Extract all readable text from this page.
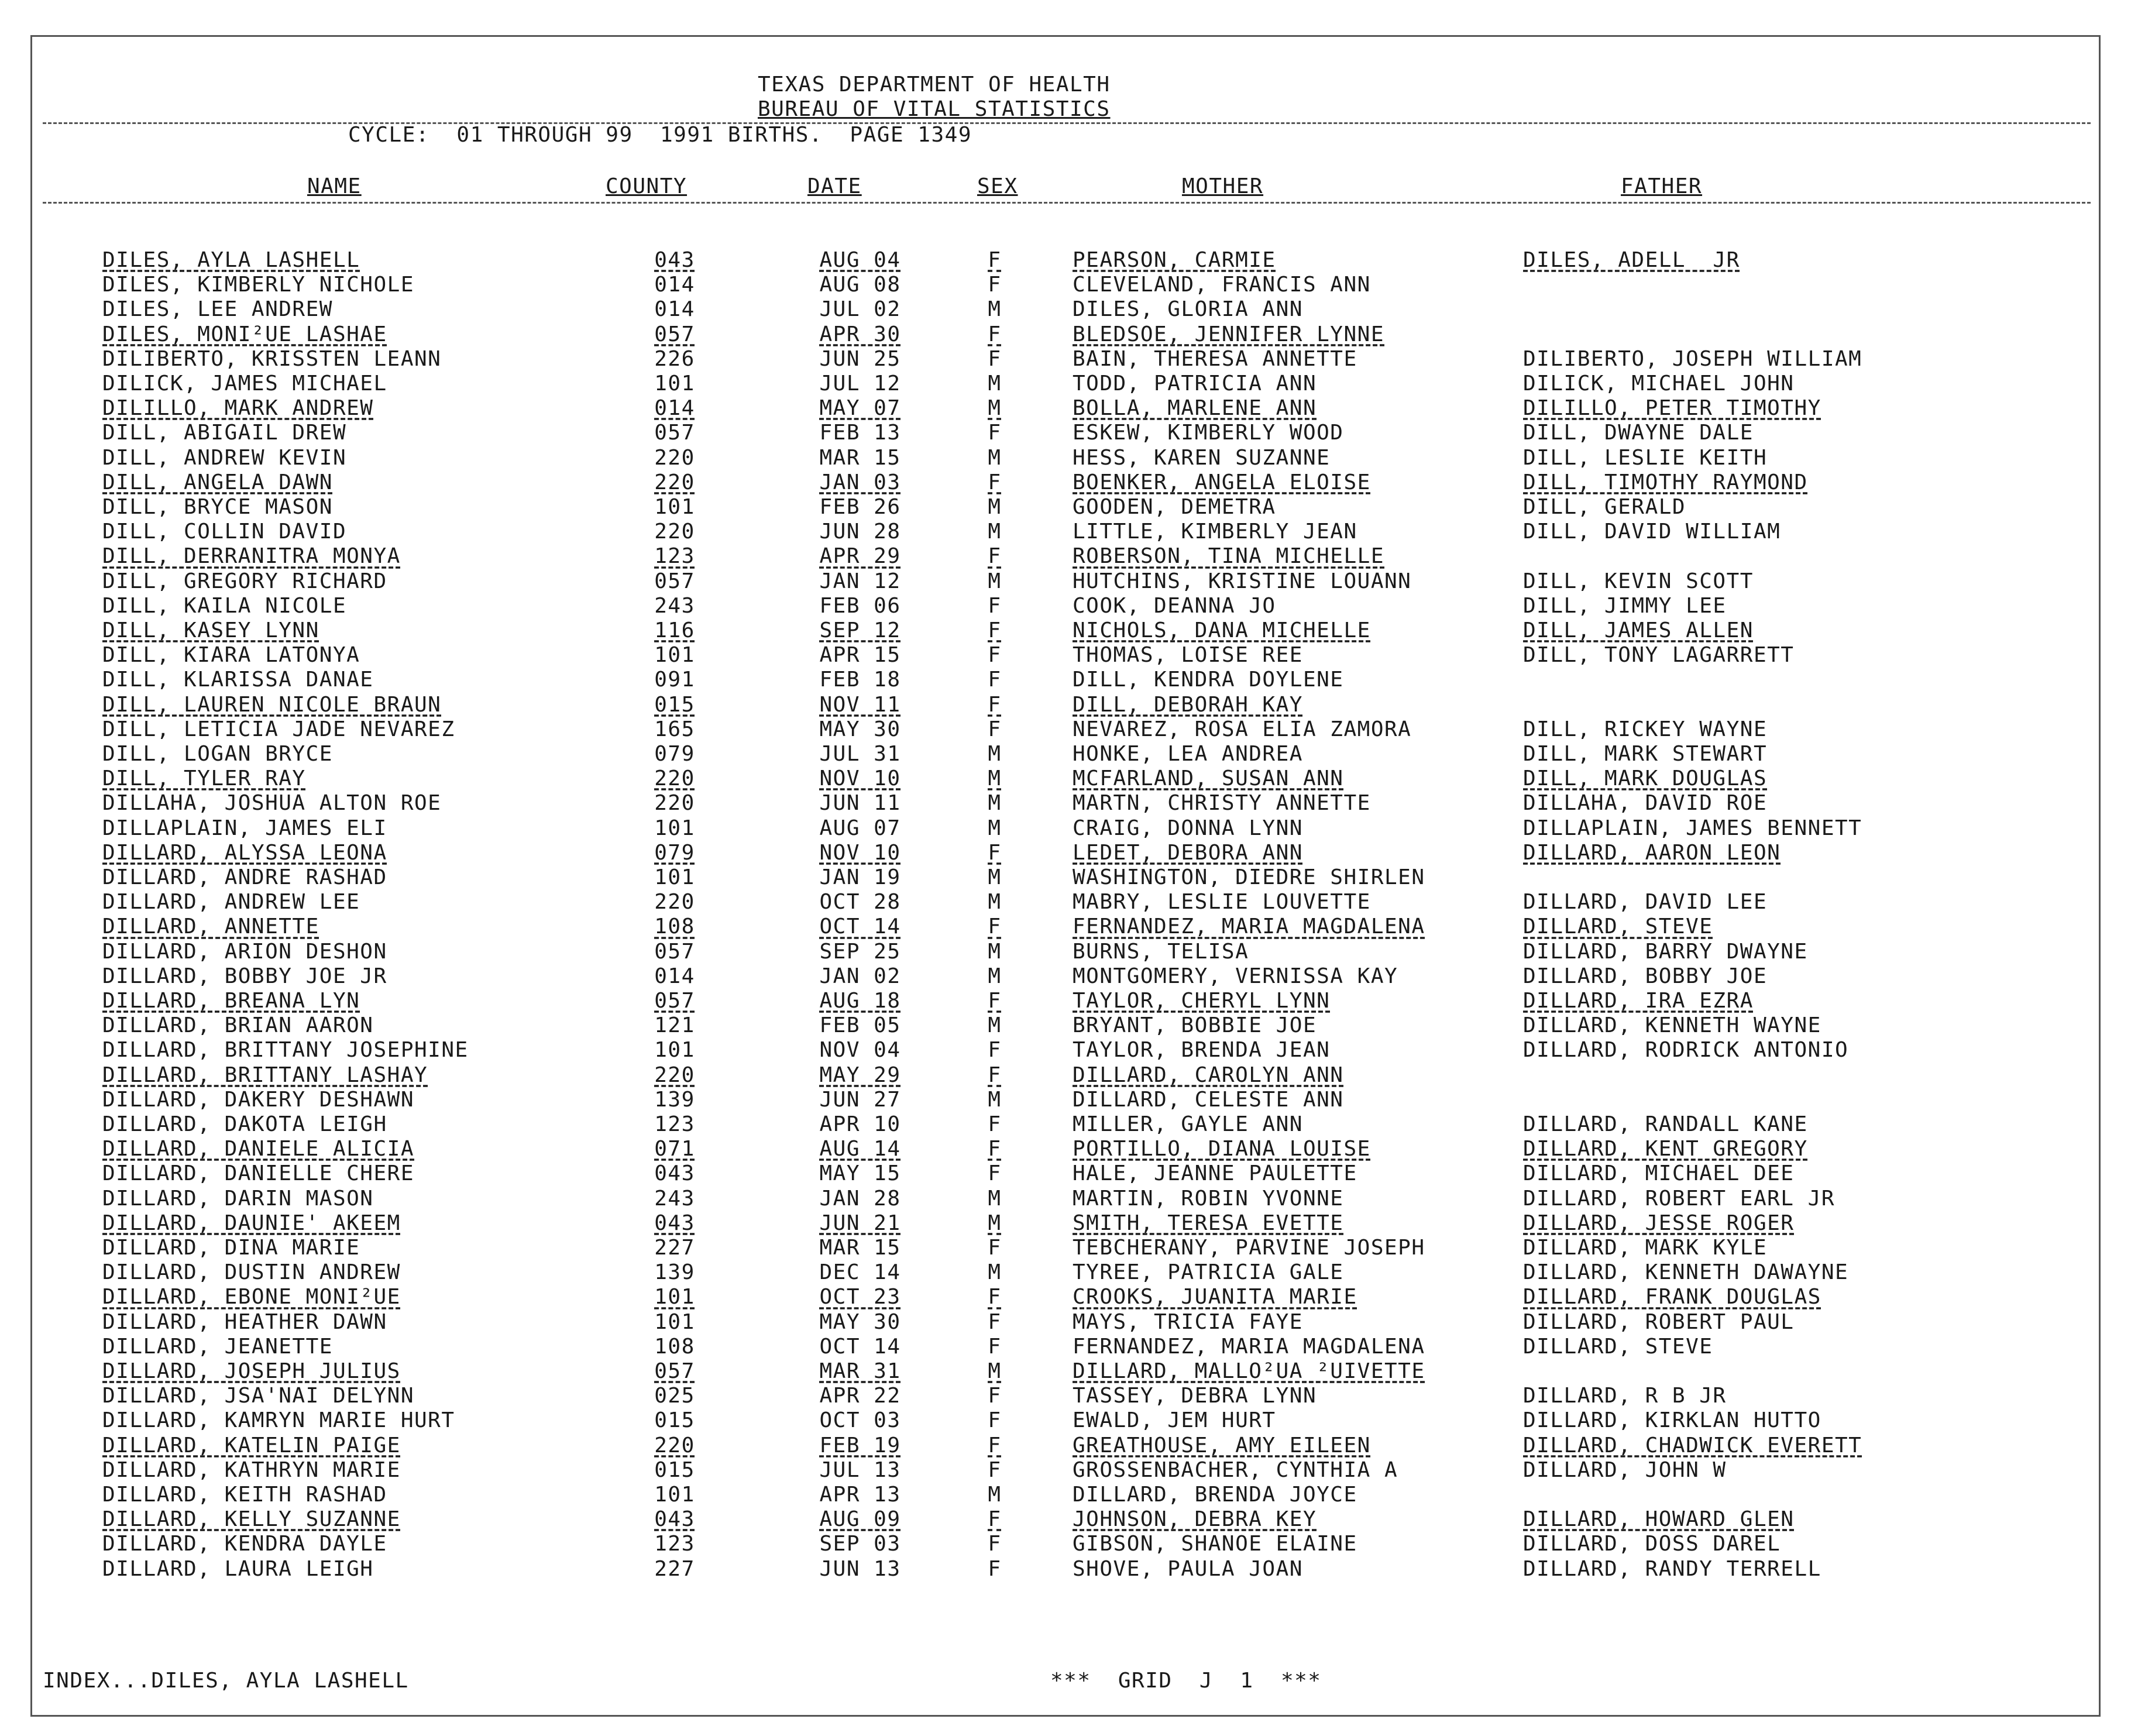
TEXAS DEPARTMENT OF HEALTH
BUREAU OF VITAL STATISTICS
CYCLE:  01 THROUGH 99  1991 BIRTHS.  PAGE 1349
NAME	COUNTY	DATE	SEX	MOTHER	FATHER
DILES, AYLA LASHELL	043	AUG 04	F	PEARSON, CARMIE	DILES, ADELL  JR
DILES, KIMBERLY NICHOLE	014	AUG 08	F	CLEVELAND, FRANCIS ANN
DILES, LEE ANDREW	014	JUL 02	M	DILES, GLORIA ANN
DILES, MONI²UE LASHAE	057	APR 30	F	BLEDSOE, JENNIFER LYNNE
DILIBERTO, KRISSTEN LEANN	226	JUN 25	F	BAIN, THERESA ANNETTE	DILIBERTO, JOSEPH WILLIAM
DILICK, JAMES MICHAEL	101	JUL 12	M	TODD, PATRICIA ANN	DILICK, MICHAEL JOHN
DILILLO, MARK ANDREW	014	MAY 07	M	BOLLA, MARLENE ANN	DILILLO, PETER TIMOTHY
DILL, ABIGAIL DREW	057	FEB 13	F	ESKEW, KIMBERLY WOOD	DILL, DWAYNE DALE
DILL, ANDREW KEVIN	220	MAR 15	M	HESS, KAREN SUZANNE	DILL, LESLIE KEITH
DILL, ANGELA DAWN	220	JAN 03	F	BOENKER, ANGELA ELOISE	DILL, TIMOTHY RAYMOND
DILL, BRYCE MASON	101	FEB 26	M	GOODEN, DEMETRA	DILL, GERALD
DILL, COLLIN DAVID	220	JUN 28	M	LITTLE, KIMBERLY JEAN	DILL, DAVID WILLIAM
DILL, DERRANITRA MONYA	123	APR 29	F	ROBERSON, TINA MICHELLE
DILL, GREGORY RICHARD	057	JAN 12	M	HUTCHINS, KRISTINE LOUANN	DILL, KEVIN SCOTT
DILL, KAILA NICOLE	243	FEB 06	F	COOK, DEANNA JO	DILL, JIMMY LEE
DILL, KASEY LYNN	116	SEP 12	F	NICHOLS, DANA MICHELLE	DILL, JAMES ALLEN
DILL, KIARA LATONYA	101	APR 15	F	THOMAS, LOISE REE	DILL, TONY LAGARRETT
DILL, KLARISSA DANAE	091	FEB 18	F	DILL, KENDRA DOYLENE
DILL, LAUREN NICOLE BRAUN	015	NOV 11	F	DILL, DEBORAH KAY
DILL, LETICIA JADE NEVAREZ	165	MAY 30	F	NEVAREZ, ROSA ELIA ZAMORA	DILL, RICKEY WAYNE
DILL, LOGAN BRYCE	079	JUL 31	M	HONKE, LEA ANDREA	DILL, MARK STEWART
DILL, TYLER RAY	220	NOV 10	M	MCFARLAND, SUSAN ANN	DILL, MARK DOUGLAS
DILLAHA, JOSHUA ALTON ROE	220	JUN 11	M	MARTN, CHRISTY ANNETTE	DILLAHA, DAVID ROE
DILLAPLAIN, JAMES ELI	101	AUG 07	M	CRAIG, DONNA LYNN	DILLAPLAIN, JAMES BENNETT
DILLARD, ALYSSA LEONA	079	NOV 10	F	LEDET, DEBORA ANN	DILLARD, AARON LEON
DILLARD, ANDRE RASHAD	101	JAN 19	M	WASHINGTON, DIEDRE SHIRLEN
DILLARD, ANDREW LEE	220	OCT 28	M	MABRY, LESLIE LOUVETTE	DILLARD, DAVID LEE
DILLARD, ANNETTE	108	OCT 14	F	FERNANDEZ, MARIA MAGDALENA	DILLARD, STEVE
DILLARD, ARION DESHON	057	SEP 25	M	BURNS, TELISA	DILLARD, BARRY DWAYNE
DILLARD, BOBBY JOE JR	014	JAN 02	M	MONTGOMERY, VERNISSA KAY	DILLARD, BOBBY JOE
DILLARD, BREANA LYN	057	AUG 18	F	TAYLOR, CHERYL LYNN	DILLARD, IRA EZRA
DILLARD, BRIAN AARON	121	FEB 05	M	BRYANT, BOBBIE JOE	DILLARD, KENNETH WAYNE
DILLARD, BRITTANY JOSEPHINE	101	NOV 04	F	TAYLOR, BRENDA JEAN	DILLARD, RODRICK ANTONIO
DILLARD, BRITTANY LASHAY	220	MAY 29	F	DILLARD, CAROLYN ANN
DILLARD, DAKERY DESHAWN	139	JUN 27	M	DILLARD, CELESTE ANN
DILLARD, DAKOTA LEIGH	123	APR 10	F	MILLER, GAYLE ANN	DILLARD, RANDALL KANE
DILLARD, DANIELE ALICIA	071	AUG 14	F	PORTILLO, DIANA LOUISE	DILLARD, KENT GREGORY
DILLARD, DANIELLE CHERE	043	MAY 15	F	HALE, JEANNE PAULETTE	DILLARD, MICHAEL DEE
DILLARD, DARIN MASON	243	JAN 28	M	MARTIN, ROBIN YVONNE	DILLARD, ROBERT EARL JR
DILLARD, DAUNIE' AKEEM	043	JUN 21	M	SMITH, TERESA EVETTE	DILLARD, JESSE ROGER
DILLARD, DINA MARIE	227	MAR 15	F	TEBCHERANY, PARVINE JOSEPH	DILLARD, MARK KYLE
DILLARD, DUSTIN ANDREW	139	DEC 14	M	TYREE, PATRICIA GALE	DILLARD, KENNETH DAWAYNE
DILLARD, EBONE MONI²UE	101	OCT 23	F	CROOKS, JUANITA MARIE	DILLARD, FRANK DOUGLAS
DILLARD, HEATHER DAWN	101	MAY 30	F	MAYS, TRICIA FAYE	DILLARD, ROBERT PAUL
DILLARD, JEANETTE	108	OCT 14	F	FERNANDEZ, MARIA MAGDALENA	DILLARD, STEVE
DILLARD, JOSEPH JULIUS	057	MAR 31	M	DILLARD, MALLO²UA ²UIVETTE
DILLARD, JSA'NAI DELYNN	025	APR 22	F	TASSEY, DEBRA LYNN	DILLARD, R B JR
DILLARD, KAMRYN MARIE HURT	015	OCT 03	F	EWALD, JEM HURT	DILLARD, KIRKLAN HUTTO
DILLARD, KATELIN PAIGE	220	FEB 19	F	GREATHOUSE, AMY EILEEN	DILLARD, CHADWICK EVERETT
DILLARD, KATHRYN MARIE	015	JUL 13	F	GROSSENBACHER, CYNTHIA A	DILLARD, JOHN W
DILLARD, KEITH RASHAD	101	APR 13	M	DILLARD, BRENDA JOYCE
DILLARD, KELLY SUZANNE	043	AUG 09	F	JOHNSON, DEBRA KEY	DILLARD, HOWARD GLEN
DILLARD, KENDRA DAYLE	123	SEP 03	F	GIBSON, SHANOE ELAINE	DILLARD, DOSS DAREL
DILLARD, LAURA LEIGH	227	JUN 13	F	SHOVE, PAULA JOAN	DILLARD, RANDY TERRELL
INDEX...DILES, AYLA LASHELL	***  GRID  J  1  ***
